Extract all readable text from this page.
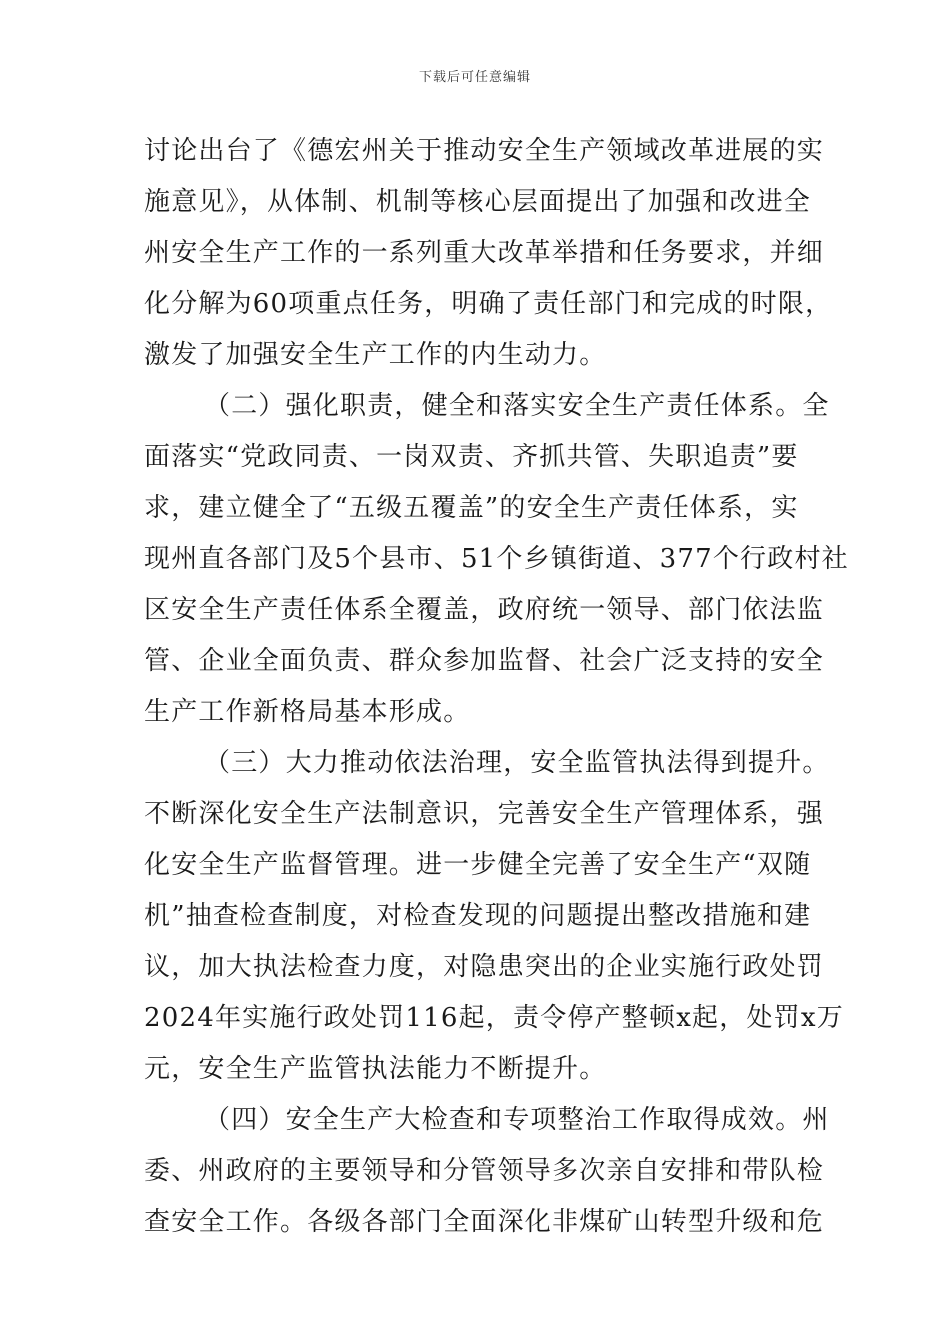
下载后可任意编辑
讨论出台了《德宏州关于推动安全生产领域改革进展的实
施意见》，从体制、机制等核心层面提出了加强和改进全
州安全生产工作的一系列重大改革举措和任务要求，并细
化分解为60项重点任务，明确了责任部门和完成的时限，
激发了加强安全生产工作的内生动力。
（二）强化职责，健全和落实安全生产责任体系。全
面落实“党政同责、一岗双责、齐抓共管、失职追责”要
求，建立健全了“五级五覆盖”的安全生产责任体系，实
现州直各部门及5个县市、51个乡镇街道、377个行政村社
区安全生产责任体系全覆盖，政府统一领导、部门依法监
管、企业全面负责、群众参加监督、社会广泛支持的安全
生产工作新格局基本形成。
（三）大力推动依法治理，安全监管执法得到提升。
不断深化安全生产法制意识，完善安全生产管理体系，强
化安全生产监督管理。进一步健全完善了安全生产“双随
机”抽查检查制度，对检查发现的问题提出整改措施和建
议，加大执法检查力度，对隐患突出的企业实施行政处罚
2024年实施行政处罚116起，责令停产整顿x起，处罚x万
元，安全生产监管执法能力不断提升。
（四）安全生产大检查和专项整治工作取得成效。州
委、州政府的主要领导和分管领导多次亲自安排和带队检
查安全工作。各级各部门全面深化非煤矿山转型升级和危
